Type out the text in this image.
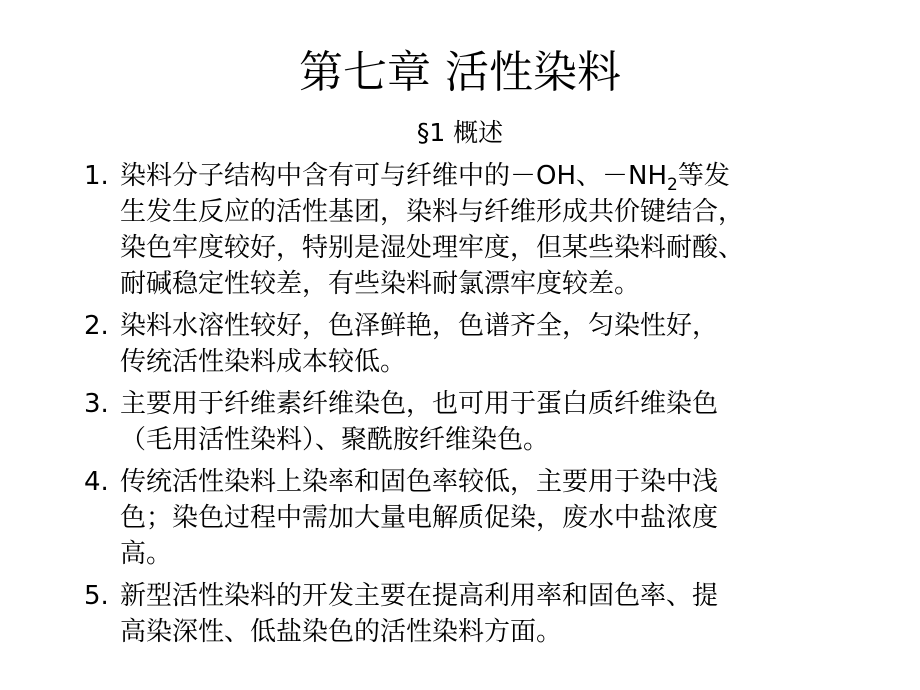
第七章 活性染料
§1 概述
1. 染料分子结构中含有可与纤维中的－OH、$-NH_2$等发
生发生反应的活性基团，染料与纤维形成共价键结合，
染色牢度较好，特别是湿处理牢度，但某些染料耐酸、
耐碱稳定性较差，有些染料耐氯漂牢度较差。
2. 染料水溶性较好，色泽鲜艳，色谱齐全，匀染性好，
传统活性染料成本较低。
3. 主要用于纤维素纤维染色，也可用于蛋白质纤维染色
（毛用活性染料）、聚酰胺纤维染色。
4. 传统活性染料上染率和固色率较低，主要用于染中浅
色；染色过程中需加大量电解质促染，废水中盐浓度
高。
5. 新型活性染料的开发主要在提高利用率和固色率、提
高染深性、低盐染色的活性染料方面。
